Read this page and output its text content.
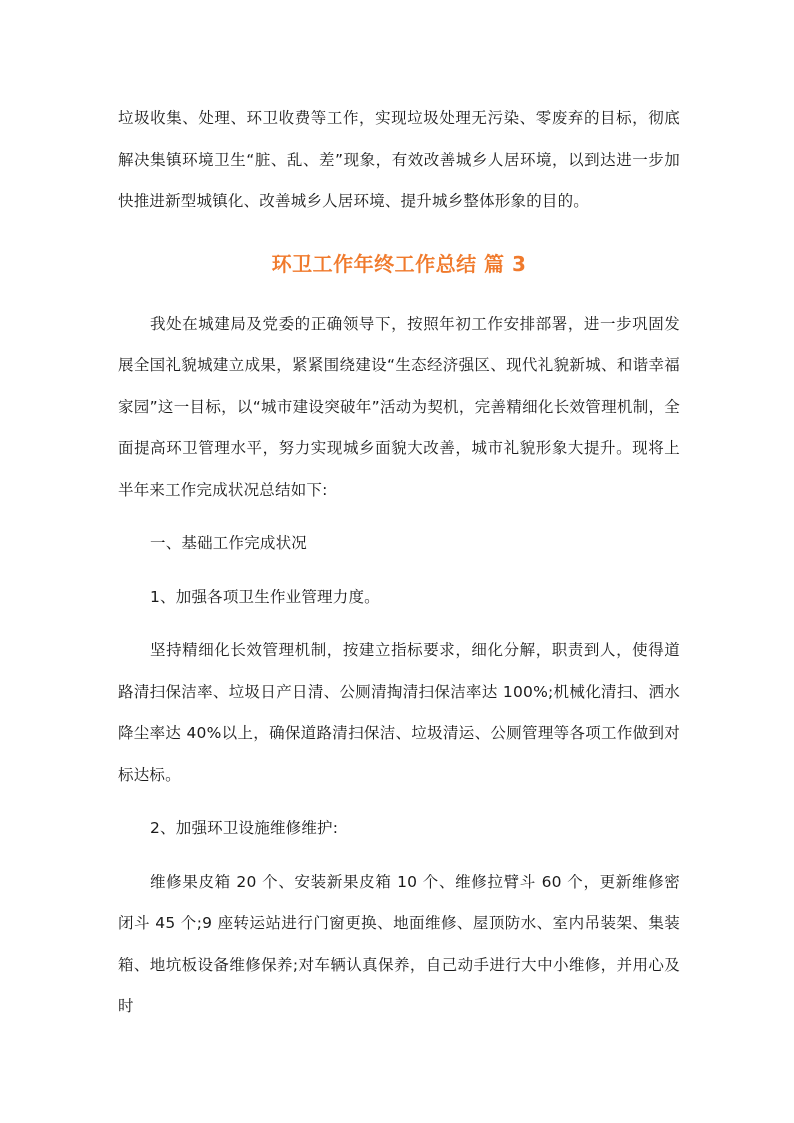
垃圾收集、处理、环卫收费等工作，实现垃圾处理无污染、零废弃的目标，彻底解决集镇环境卫生“脏、乱、差”现象，有效改善城乡人居环境，以到达进一步加快推进新型城镇化、改善城乡人居环境、提升城乡整体形象的目的。

环卫工作年终工作总结 篇 3

我处在城建局及党委的正确领导下，按照年初工作安排部署，进一步巩固发展全国礼貌城建立成果，紧紧围绕建设“生态经济强区、现代礼貌新城、和谐幸福家园”这一目标，以“城市建设突破年”活动为契机，完善精细化长效管理机制，全面提高环卫管理水平，努力实现城乡面貌大改善，城市礼貌形象大提升。现将上半年来工作完成状况总结如下:

一、基础工作完成状况

1、加强各项卫生作业管理力度。

坚持精细化长效管理机制，按建立指标要求，细化分解，职责到人，使得道路清扫保洁率、垃圾日产日清、公厕清掏清扫保洁率达 100%;机械化清扫、洒水降尘率达 40%以上，确保道路清扫保洁、垃圾清运、公厕管理等各项工作做到对标达标。

2、加强环卫设施维修维护:

维修果皮箱 20 个、安装新果皮箱 10 个、维修拉臂斗 60 个，更新维修密闭斗 45 个;9 座转运站进行门窗更换、地面维修、屋顶防水、室内吊装架、集装箱、地坑板设备维修保养;对车辆认真保养，自己动手进行大中小维修，并用心及时
